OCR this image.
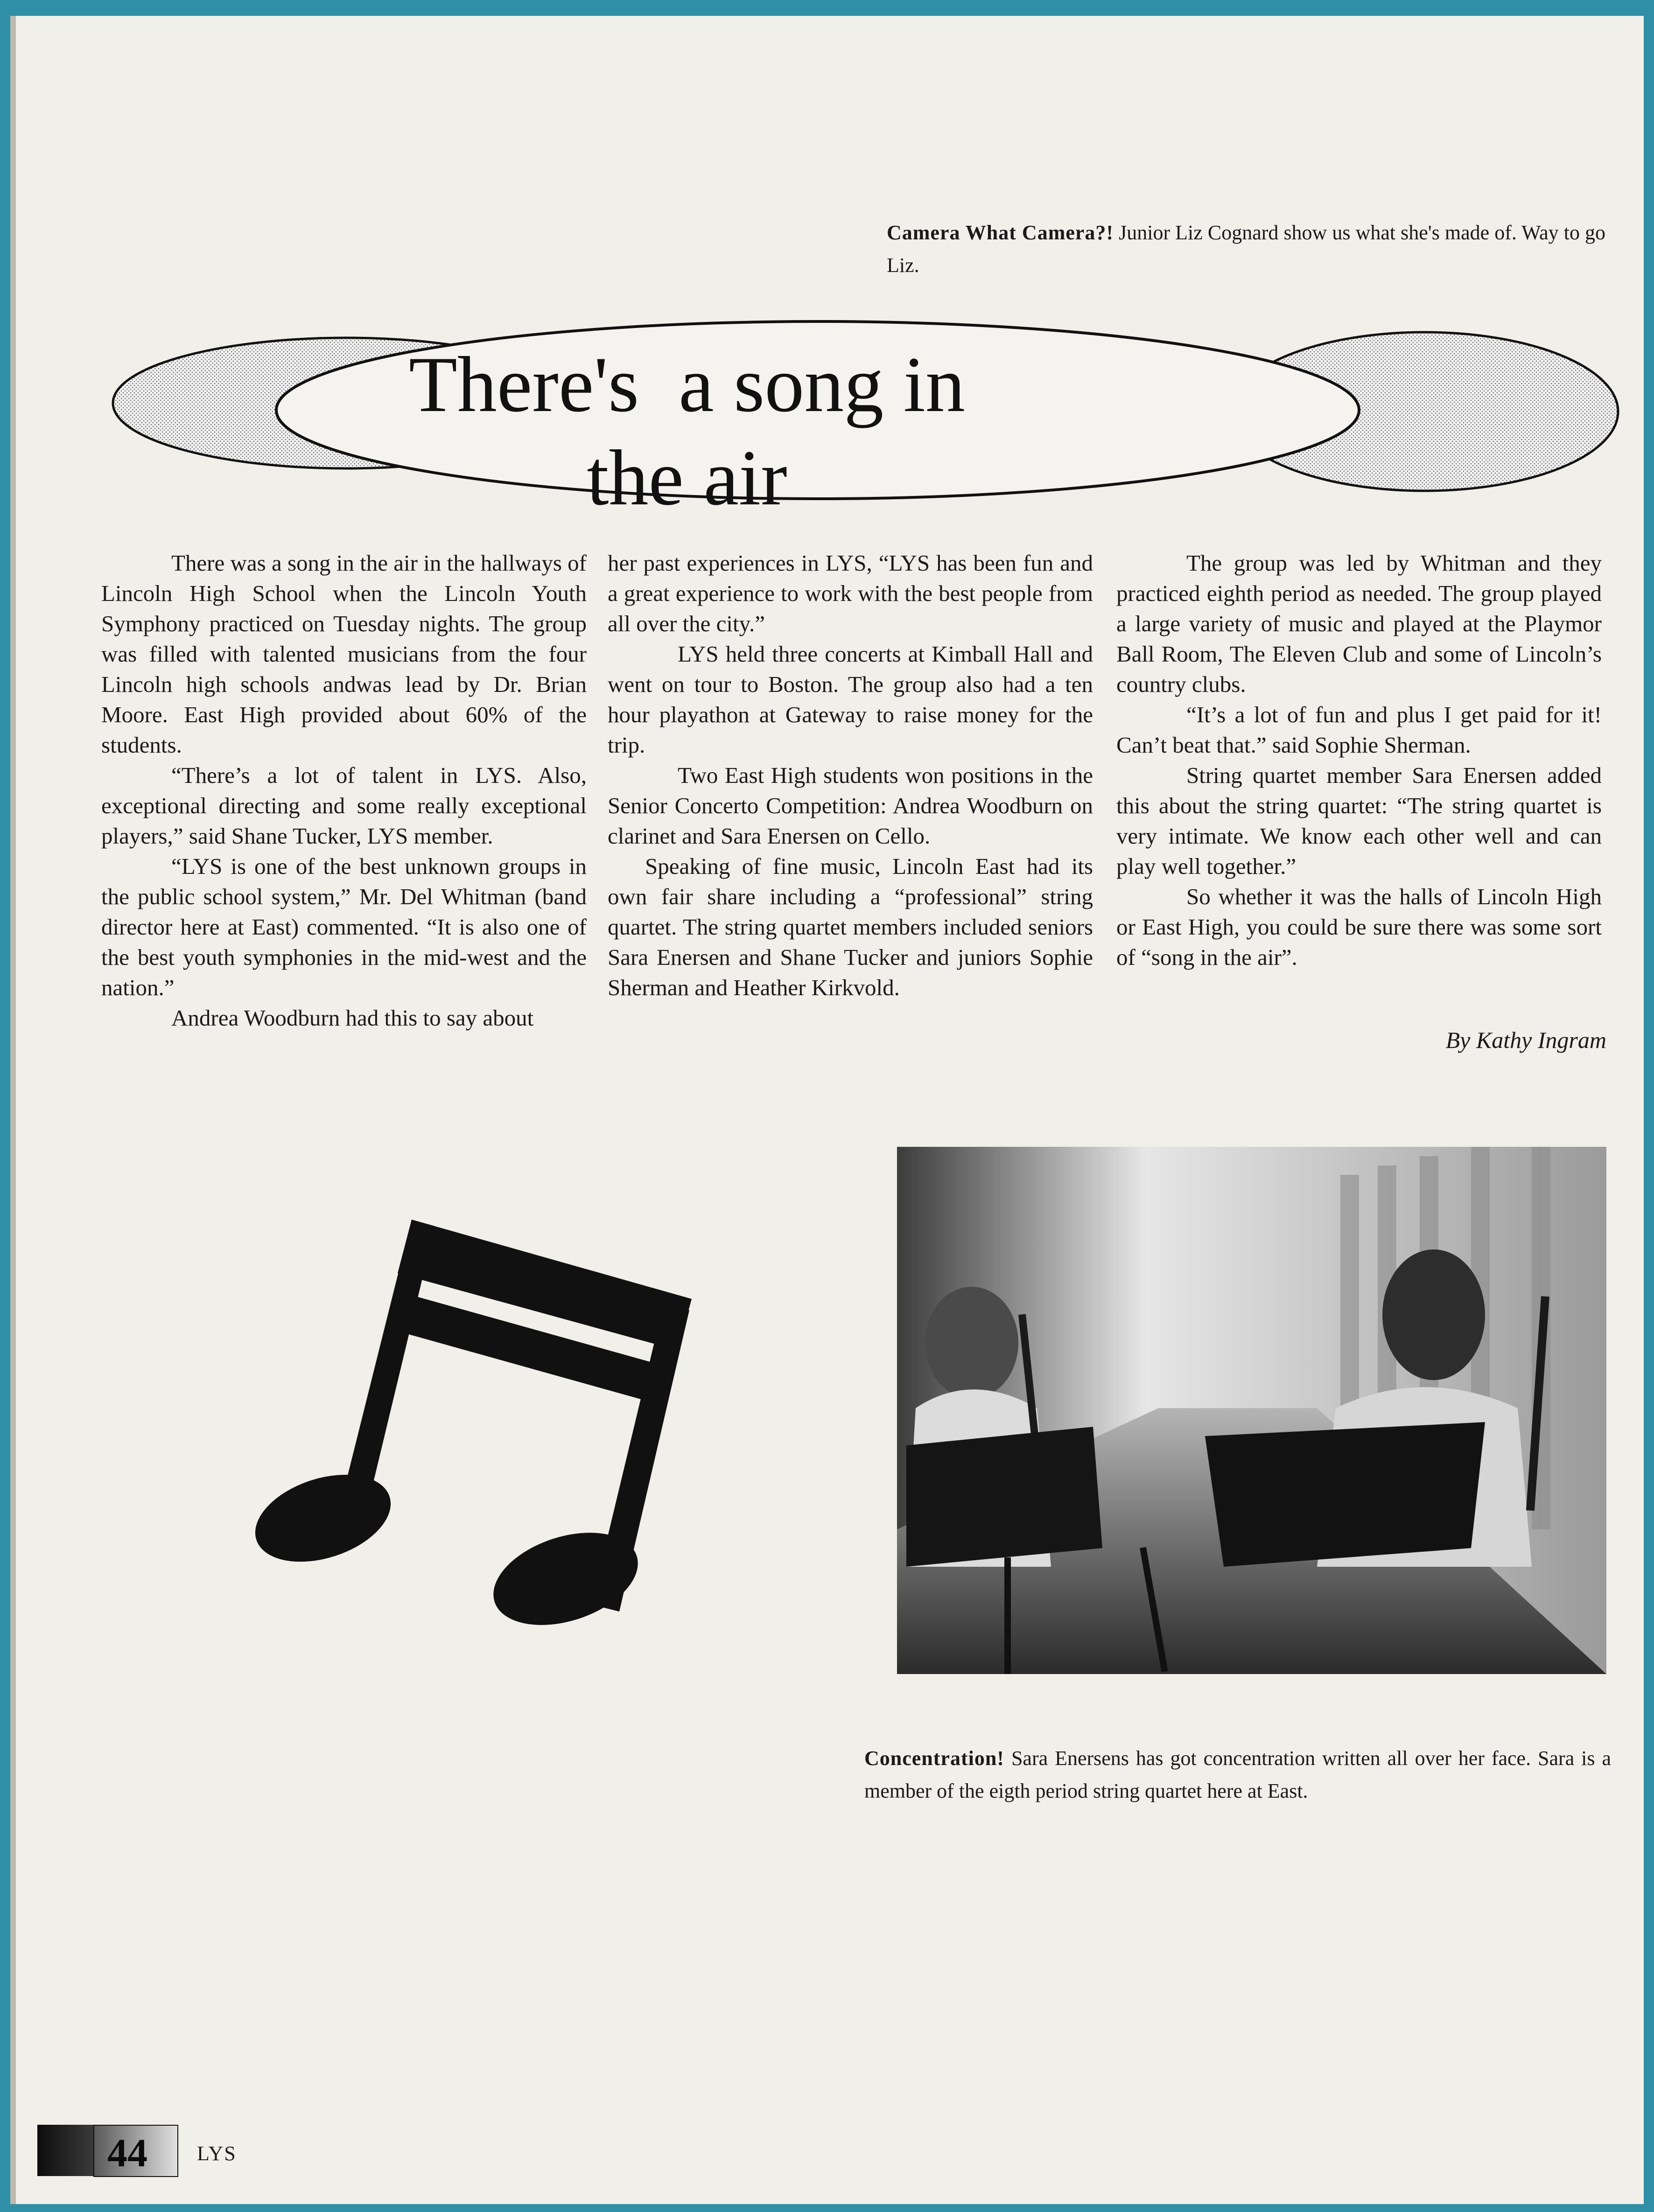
Camera What Camera?! Junior Liz Cognard show us what she's made of. Way to go Liz.
There's  a song in
the air

There was a song in the air in the hallways of Lincoln High School when the Lincoln Youth Symphony practiced on Tuesday nights. The group was filled with talented musicians from the four Lincoln high schools andwas lead by Dr. Brian Moore. East High provided about 60% of the students.

“There’s a lot of talent in LYS. Also, exceptional directing and some really exceptional players,” said Shane Tucker, LYS member.

“LYS is one of the best unknown groups in the public school system,” Mr. Del Whitman (band director here at East) commented. “It is also one of the best youth symphonies in the mid-west and the nation.”

Andrea Woodburn had this to say about

her past experiences in LYS, “LYS has been fun and a great experience to work with the best people from all over the city.”

LYS held three concerts at Kimball Hall and went on tour to Boston. The group also had a ten hour playathon at Gateway to raise money for the trip.

Two East High students won positions in the Senior Concerto Competition: Andrea Woodburn on clarinet and Sara Enersen on Cello.

Speaking of fine music, Lincoln East had its own fair share including a “professional” string quartet. The string quartet members included seniors Sara Enersen and Shane Tucker and juniors Sophie Sherman and Heather Kirkvold.

The group was led by Whitman and they practiced eighth period as needed. The group played a large variety of music and played at the Playmor Ball Room, The Eleven Club and some of Lincoln’s country clubs.

“It’s a lot of fun and plus I get paid for it! Can’t beat that.” said Sophie Sherman.

String quartet member Sara Enersen added this about the string quartet: “The string quartet is very intimate. We know each other well and can play well together.”

So whether it was the halls of Lincoln High or East High, you could be sure there was some sort of “song in the air”.

By Kathy Ingram
Concentration! Sara Enersens has got concentration written all over her face. Sara is a member of the eigth period string quartet here at East.
44 LYS
